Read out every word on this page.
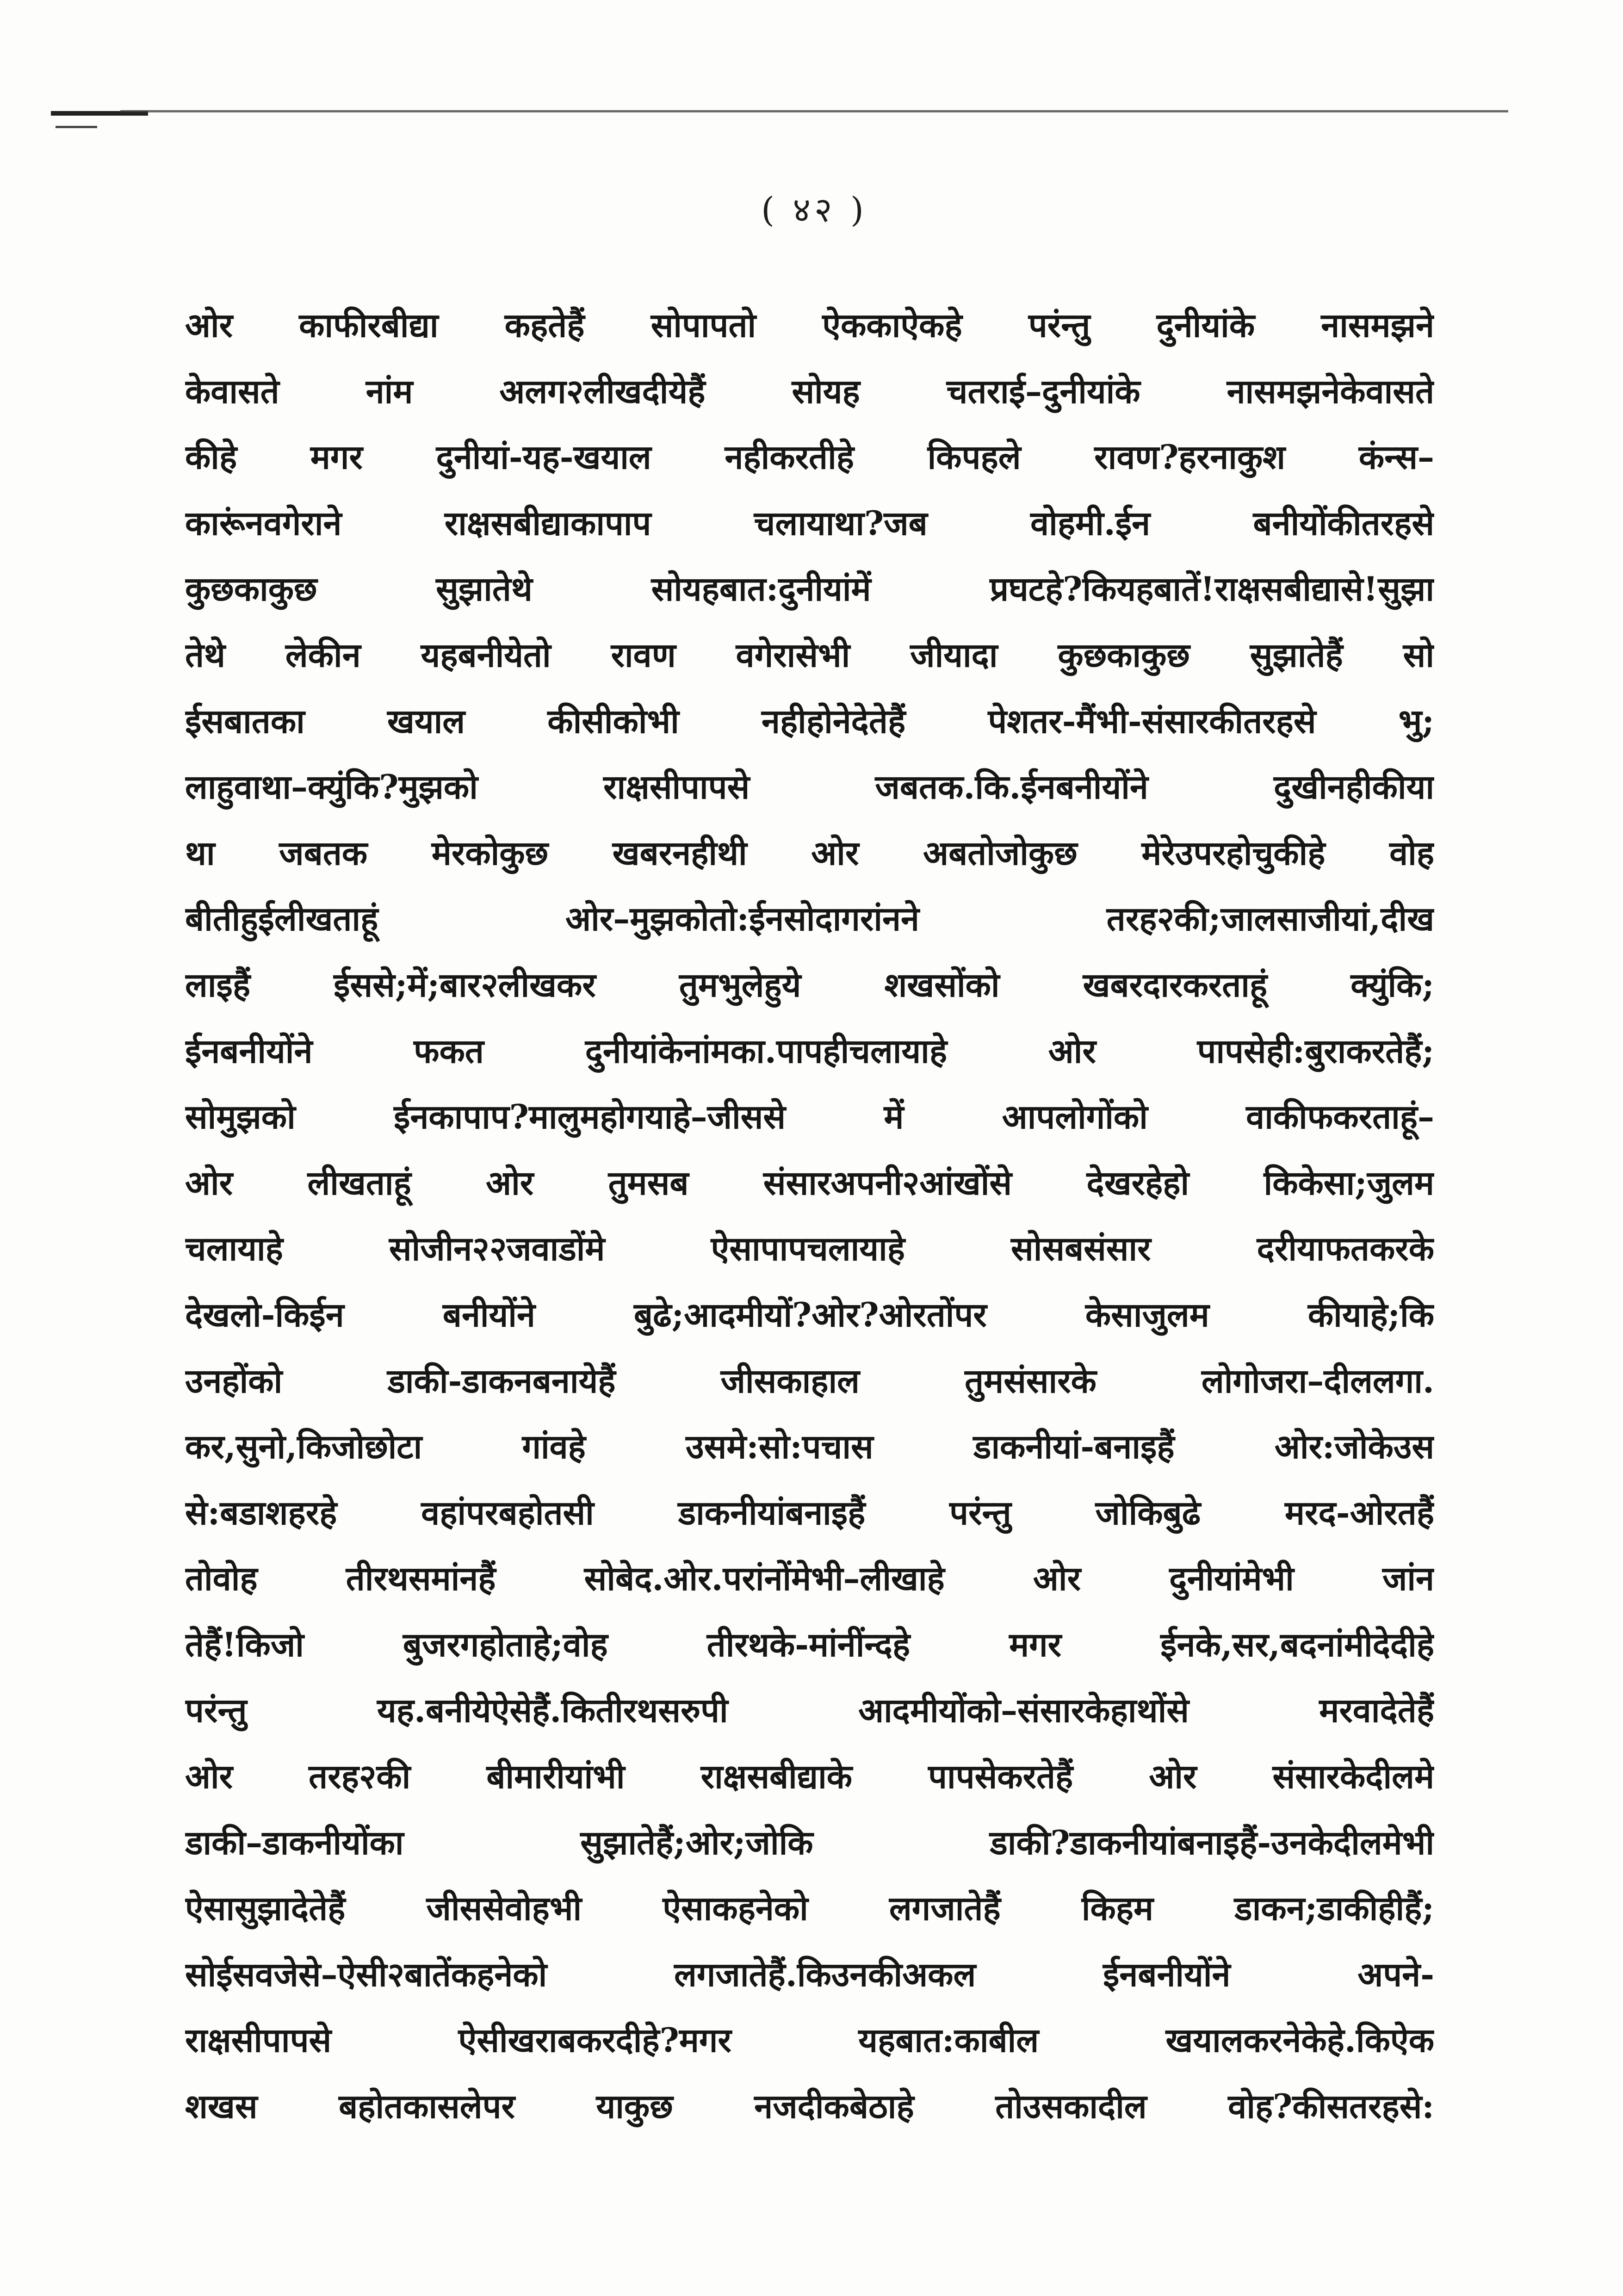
( ४२ )
ओर काफीरबीद्या कहतेहैं सोपापतो ऐककाऐकहे परंन्तु दुनीयांके नासमझने
केवासते नांम अलग२लीखदीयेहैं सोयह चतराई–दुनीयांके नासमझनेकेवासते
कीहे मगर दुनीयां-यह-खयाल नहीकरतीहे किपहले रावण?हरनाकुश कंन्स–
कारूंनवगेराने राक्षसबीद्याकापाप चलायाथा?जब वोहमी.ईन बनीयोंकीतरहसे
कुछकाकुछ सुझातेथे सोयहबात:दुनीयांमें प्रघटहे?कियहबातें!राक्षसबीद्यासे!सुझा
तेथे लेकीन यहबनीयेतो रावण वगेरासेभी जीयादा कुछकाकुछ सुझातेहैं सो
ईसबातका खयाल कीसीकोभी नहीहोनेदेतेहैं पेशतर-मैंभी-संसारकीतरहसे भु;
लाहुवाथा–क्युंकि?मुझको राक्षसीपापसे जबतक.कि.ईनबनीयोंने दुखीनहीकीया
था जबतक मेरकोकुछ खबरनहीथी ओर अबतोजोकुछ मेरेउपरहोचुकीहे वोह
बीतीहुईलीखताहूं ओर–मुझकोतो:ईनसोदागरांनने तरह२की;जालसाजीयां,दीख
लाइहैं ईससे;में;बार२लीखकर तुमभुलेहुये शखसोंको खबरदारकरताहूं क्युंकि;
ईनबनीयोंने फकत दुनीयांकेनांमका.पापहीचलायाहे ओर पापसेही:बुराकरतेहैं;
सोमुझको ईनकापाप?मालुमहोगयाहे–जीससे में आपलोगोंको वाकीफकरताहूं–
ओर लीखताहूं ओर तुमसब संसारअपनी२आंखोंसे देखरहेहो किकेसा;जुलम
चलायाहे सोजीन२२जवाडोंमे ऐसापापचलायाहे सोसबसंसार दरीयाफतकरके
देखलो-किईन बनीयोंने बुढे;आदमीयों?ओर?ओरतोंपर केसाजुलम कीयाहे;कि
उनहोंको डाकी-डाकनबनायेहैं जीसकाहाल तुमसंसारके लोगोजरा–दीललगा.
कर,सुनो,किजोछोटा गांवहे उसमे:सो:पचास डाकनीयां-बनाइहैं ओर:जोकेउस
से:बडाशहरहे वहांपरबहोतसी डाकनीयांबनाइहैं परंन्तु जोकिबुढे मरद-ओरतहैं
तोवोह तीरथसमांनहैं सोबेद.ओर.परांनोंमेभी–लीखाहे ओर दुनीयांमेभी जांन
तेहैं!किजो बुजरगहोताहे;वोह तीरथके-मांनींन्दहे मगर ईनके,सर,बदनांमीदेदीहे
परंन्तु यह.बनीयेऐसेहैं.कितीरथसरुपी आदमीयोंको–संसारकेहाथोंसे मरवादेतेहैं
ओर तरह२की बीमारीयांभी राक्षसबीद्याके पापसेकरतेहैं ओर संसारकेदीलमे
डाकी–डाकनीयोंका सुझातेहैं;ओर;जोकि डाकी?डाकनीयांबनाइहैं-उनकेदीलमेभी
ऐसासुझादेतेहैं जीससेवोहभी ऐसाकहनेको लगजातेहैं किहम डाकन;डाकीहीहैं;
सोईसवजेसे–ऐसी२बातेंकहनेको लगजातेहैं.किउनकीअकल ईनबनीयोंने अपने-
राक्षसीपापसे ऐसीखराबकरदीहे?मगर यहबात:काबील खयालकरनेकेहे.किऐक
शखस बहोतकासलेपर याकुछ नजदीकबेठाहे तोउसकादील वोह?कीसतरहसे:
